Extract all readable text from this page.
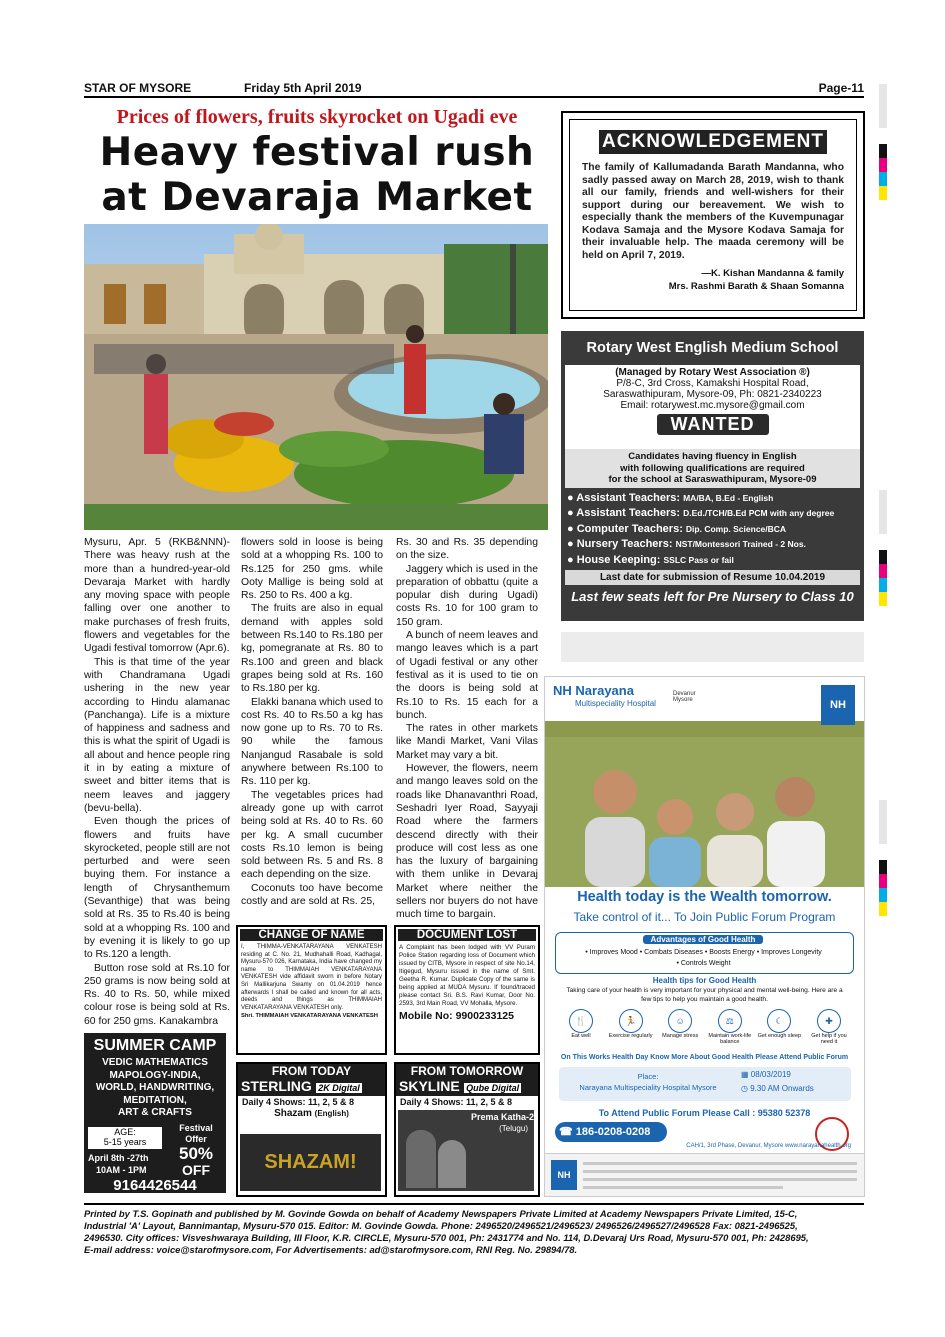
STAR OF MYSORE	Friday 5th April 2019	Page-11
Prices of flowers, fruits skyrocket on Ugadi eve
Heavy festival rush
at Devaraja Market

Mysuru, Apr. 5 (RKB&NNN)-There was heavy rush at the more than a hundred-year-old Devaraja Market with hardly any moving space with people falling over one another to make purchases of fresh fruits, flowers and vegetables for the Ugadi festival tomorrow (Apr.6).

This is that time of the year with Chandramana Ugadi ushering in the new year according to Hindu alamanac (Panchanga). Life is a mixture of happiness and sadness and this is what the spirit of Ugadi is all about and hence people ring it in by eating a mixture of sweet and bitter items that is neem leaves and jaggery (bevu-bella).

Even though the prices of flowers and fruits have skyrocketed, people still are not perturbed and were seen buying them. For instance a length of Chrysanthemum (Sevanthige) that was being sold at Rs. 35 to Rs.40 is being sold at a whopping Rs. 100 and by evening it is likely to go up to Rs.120 a length.

Button rose sold at Rs.10 for 250 grams is now being sold at Rs. 40 to Rs. 50, while mixed colour rose is being sold at Rs. 60 for 250 gms. Kanakambra

flowers sold in loose is being sold at a whopping Rs. 100 to Rs.125 for 250 gms. while Ooty Mallige is being sold at Rs. 250 to Rs. 400 a kg.

The fruits are also in equal demand with apples sold between Rs.140 to Rs.180 per kg, pomegranate at Rs. 80 to Rs.100 and green and black grapes being sold at Rs. 160 to Rs.180 per kg.

Elakki banana which used to cost Rs. 40 to Rs.50 a kg has now gone up to Rs. 70 to Rs. 90 while the famous Nanjangud Rasabale is sold anywhere between Rs.100 to Rs. 110 per kg.

The vegetables prices had already gone up with carrot being sold at Rs. 40 to Rs. 60 per kg. A small cucumber costs Rs.10 lemon is being sold between Rs. 5 and Rs. 8 each depending on the size.

Coconuts too have become costly and are sold at Rs. 25,

Rs. 30 and Rs. 35 depending on the size.

Jaggery which is used in the preparation of obbattu (quite a popular dish during Ugadi) costs Rs. 10 for 100 gram to 150 gram.

A bunch of neem leaves and mango leaves which is a part of Ugadi festival or any other festival as it is used to tie on the doors is being sold at Rs.10 to Rs. 15 each for a bunch.

The rates in other markets like Mandi Market, Vani Vilas Market may vary a bit.

However, the flowers, neem and mango leaves sold on the roads like Dhanavanthri Road, Seshadri Iyer Road, Sayyaji Road where the farmers descend directly with their produce will cost less as one has the luxury of bargaining with them unlike in Devaraj Market where neither the sellers nor buyers do not have much time to bargain.

ACKNOWLEDGEMENT
The family of Kallumadanda Barath Mandanna, who sadly passed away on March 28, 2019, wish to thank all our family, friends and well-wishers for their support during our bereavement. We wish to especially thank the members of the Kuvempunagar Kodava Samaja and the Mysore Kodava Samaja for their invaluable help. The maada ceremony will be held on April 7, 2019.
—K. Kishan Mandanna & family
Mrs. Rashmi Barath & Shaan Somanna
Rotary West English Medium School
(Managed by Rotary West Association ®)
P/8-C, 3rd Cross, Kamakshi Hospital Road,
Saraswathipuram, Mysore-09, Ph: 0821-2340223
Email: rotarywest.mc.mysore@gmail.com
WANTED
Candidates having fluency in English
with following qualifications are required
for the school at Saraswathipuram, Mysore-09
● Assistant Teachers: MA/BA, B.Ed - English
● Assistant Teachers: D.Ed./TCH/B.Ed PCM with any degree
● Computer Teachers: Dip. Comp. Science/BCA
● Nursery Teachers: NST/Montessori Trained - 2 Nos.
● House Keeping: SSLC Pass or fail
Last date for submission of Resume 10.04.2019
Last few seats left for Pre Nursery to Class 10
NH Narayana
Multispeciality Hospital
Devanur Mysore	NH
Health today is the Wealth tomorrow.
Take control of it... To Join Public Forum Program
Advantages of Good Health
• Improves Mood • Combats Diseases • Boosts Energy • Improves Longevity
• Controls Weight
Health tips for Good Health
Taking care of your health is very important for your physical and mental well-being. Here are a few tips to help you maintain a good health.
🍴
Eat well
🏃
Exercise regularly
☺
Manage stress
⚖
Maintain work-life balance
☾
Get enough sleep
✚
Get help if you need it
On This Works Health Day Know More About Good Health Please Attend Public Forum
Place:
Narayana Multispeciality Hospital Mysore
▦ 08/03/2019
◷ 9.30 AM Onwards
To Attend Public Forum Please Call : 95380 52378
☎ 186-0208-0208
CAH/1, 3rd Phase, Devanur, Mysore www.narayanahealth.org
NH
SUMMER CAMP
VEDIC MATHEMATICS
MAPOLOGY-INDIA,
WORLD, HANDWRITING,
MEDITATION,
ART & CRAFTS
AGE:
5-15 years
April 8th -27th
10AM - 1PM
Festival
Offer
50%
OFF
9164426544
CHANGE OF NAME
I, THIMMA-VENKATARAYANA VENKATESH residing at C. No. 21, Mudhahalli Road, Kadhagal, Mysuru-570 026, Karnataka, India have changed my name to THIMMAIAH VENKATARAYANA VENKATESH vide affidavit sworn in before Notary Sri Mallikarjuna Swamy on 01.04.2019 hence afterwards I shall be called and known for all acts, deeds and things as THIMMAIAH VENKATARAYANA VENKATESH only.
Shri. THIMMAIAH VENKATARAYANA VENKATESH
DOCUMENT LOST
A Complaint has been lodged with VV Puram Police Station regarding loss of Document which issued by CITB, Mysore in respect of site No.14, Itigegud, Mysuru issued in the name of Smt. Geetha R. Kumar. Duplicate Copy of the same is being applied at MUDA Mysuru. If found/traced please contact Sri. B.S. Ravi Kumar, Door No. 2593, 3rd Main Road, VV Mohalla, Mysore.
Mobile No: 9900233125
FROM TODAY
STERLING 2K Digital
Daily 4 Shows: 11, 2, 5 & 8
Shazam (English)
SHAZAM!
FROM TOMORROW
SKYLINE Qube Digital
Daily 4 Shows: 11, 2, 5 & 8
Prema Katha-2
(Telugu)
Printed by T.S. Gopinath and published by M. Govinde Gowda on behalf of Academy Newspapers Private Limited at Academy Newspapers Private Limited, 15-C,
Industrial 'A' Layout, Bannimantap, Mysuru-570 015. Editor: M. Govinde Gowda. Phone: 2496520/2496521/2496523/ 2496526/2496527/2496528 Fax: 0821-2496525,
2496530. City offices: Visveshwaraya Building, III Floor, K.R. CIRCLE, Mysuru-570 001, Ph: 2431774 and No. 114, D.Devaraj Urs Road, Mysuru-570 001, Ph: 2428695,
E-mail address: voice@starofmysore.com, For Advertisements: ad@starofmysore.com, RNI Reg. No. 29894/78.
